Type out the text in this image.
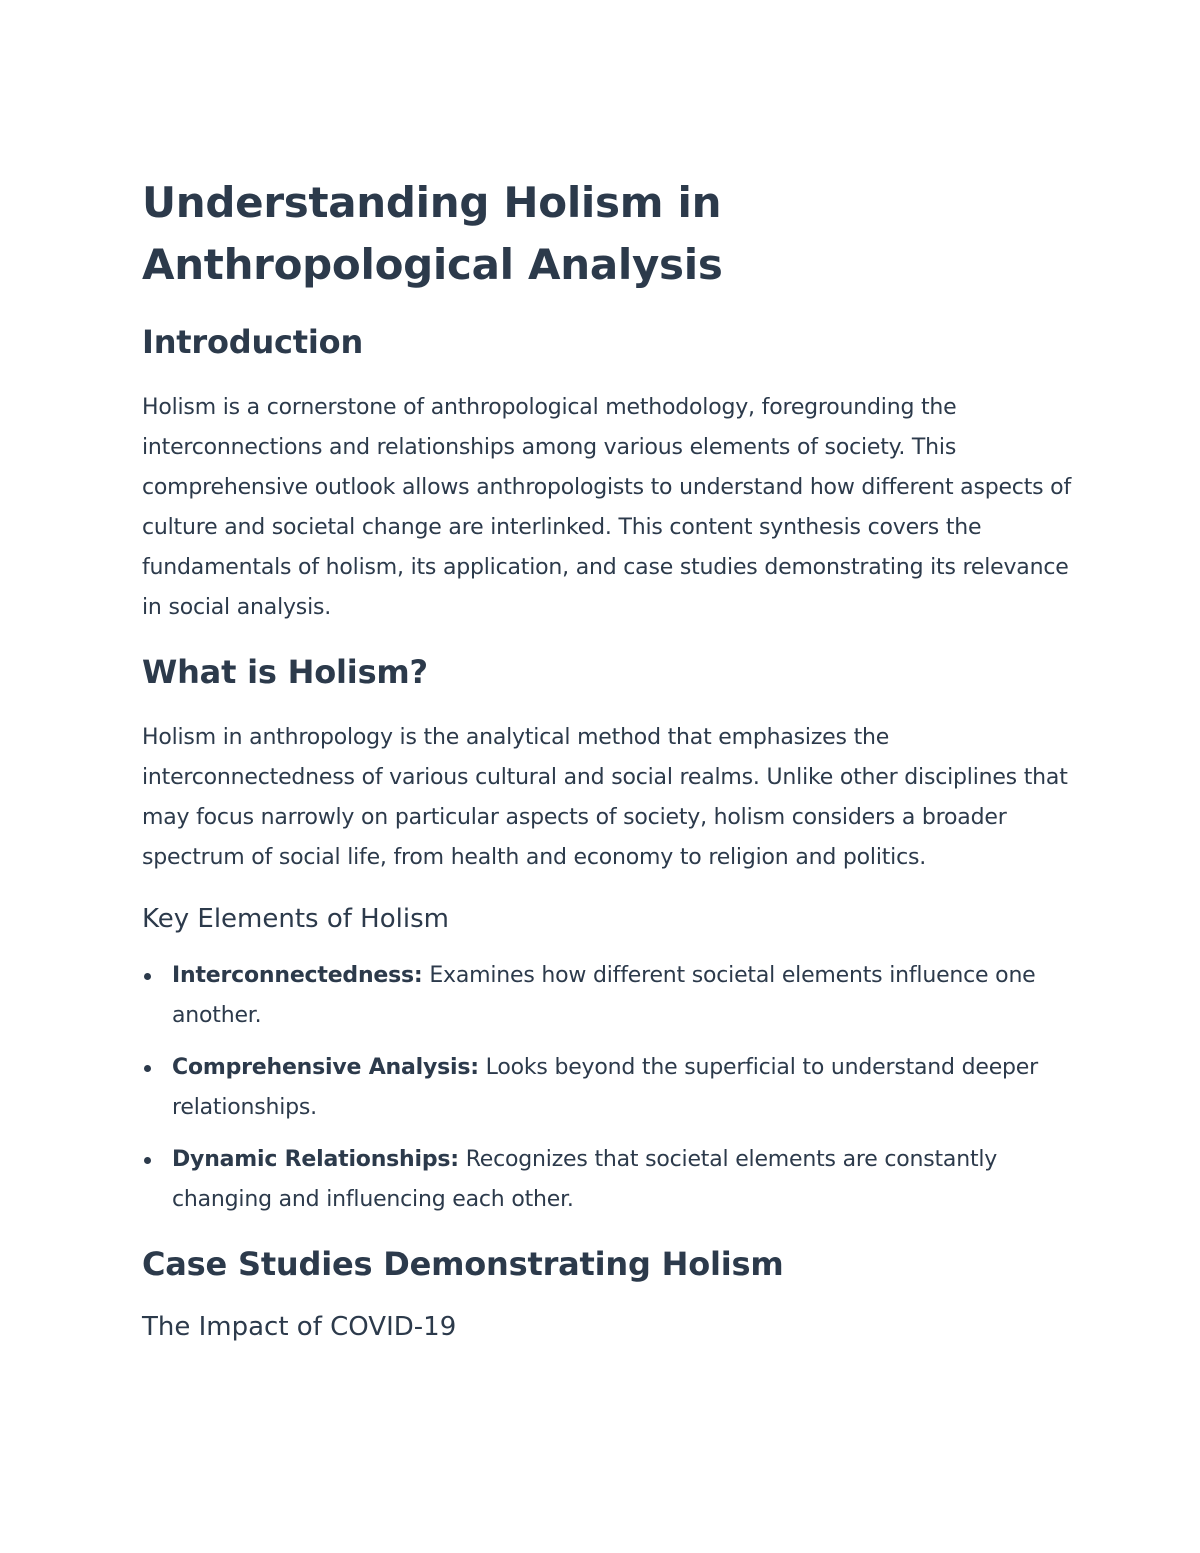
Understanding Holism in Anthropological Analysis
Introduction

Holism is a cornerstone of anthropological methodology, foregrounding the interconnections and relationships among various elements of society. This comprehensive outlook allows anthropologists to understand how different aspects of culture and societal change are interlinked. This content synthesis covers the fundamentals of holism, its application, and case studies demonstrating its relevance in social analysis.

What is Holism?

Holism in anthropology is the analytical method that emphasizes the interconnectedness of various cultural and social realms. Unlike other disciplines that may focus narrowly on particular aspects of society, holism considers a broader spectrum of social life, from health and economy to religion and politics.

Key Elements of Holism
Interconnectedness: Examines how different societal elements influence one another.
Comprehensive Analysis: Looks beyond the superficial to understand deeper relationships.
Dynamic Relationships: Recognizes that societal elements are constantly changing and influencing each other.
Case Studies Demonstrating Holism
The Impact of COVID-19
